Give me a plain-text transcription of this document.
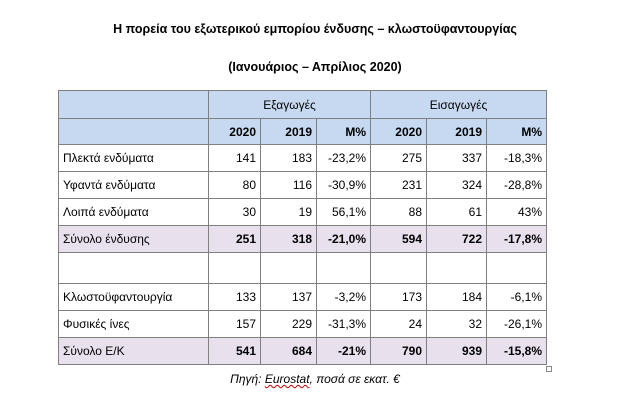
Η πορεία του εξωτερικού εμπορίου ένδυσης – κλωστοϋφαντουργίας
(Ιανουάριος – Απρίλιος 2020)
	Εξαγωγές			Εισαγωγές		
	2020	2019	Μ%	2020	2019	Μ%
Πλεκτά ενδύματα	141	183	-23,2%	275	337	-18,3%
Υφαντά ενδύματα	80	116	-30,9%	231	324	-28,8%
Λοιπά ενδύματα	30	19	56,1%	88	61	43%
Σύνολο ένδυσης	251	318	-21,0%	594	722	-17,8%

Κλωστοϋφαντουργία	133	137	-3,2%	173	184	-6,1%
Φυσικές ίνες	157	229	-31,3%	24	32	-26,1%
Σύνολο Ε/Κ	541	684	-21%	790	939	-15,8%
Πηγή: Eurostat, ποσά σε εκατ. €
